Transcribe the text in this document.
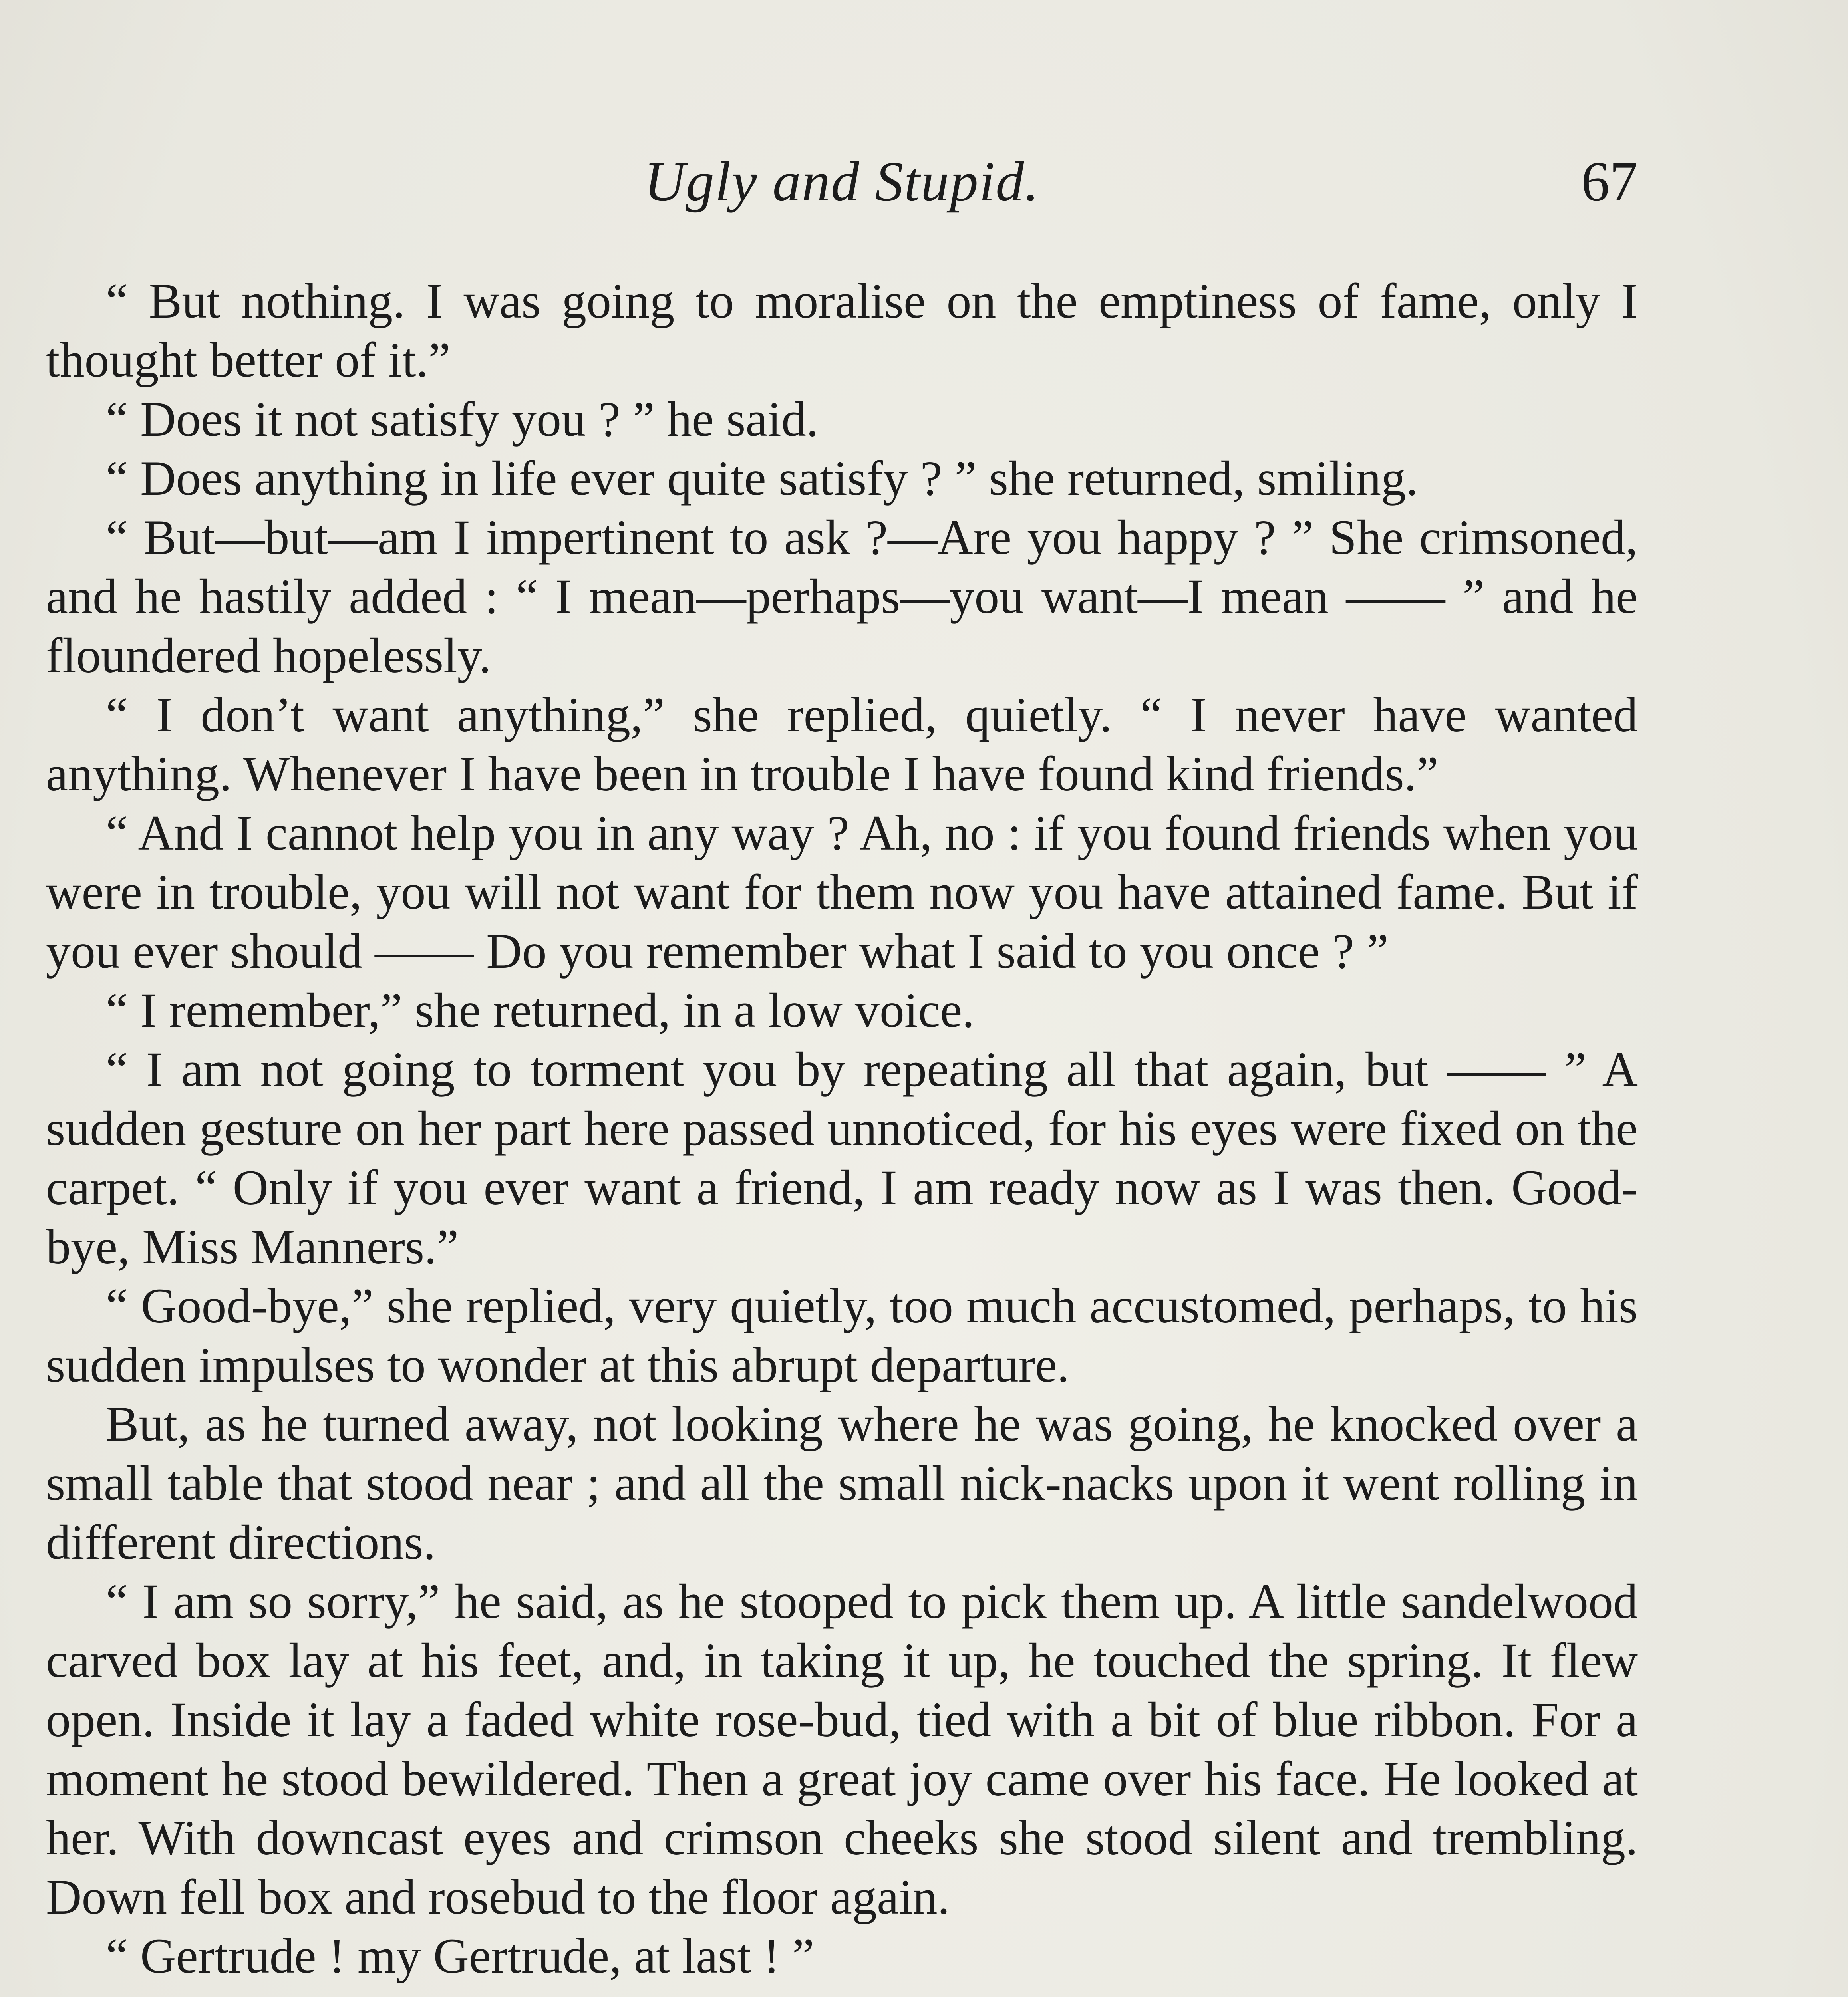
Ugly and Stupid.	67

“ But nothing. I was going to moralise on the emptiness of fame, only I thought better of it.”

“ Does it not satisfy you ? ” he said.

“ Does anything in life ever quite satisfy ? ” she returned, smiling.

“ But—but—am I impertinent to ask ?—Are you happy ? ” She crimsoned, and he hastily added : “ I mean—perhaps—you want—I mean —— ” and he floundered hopelessly.

“ I don’t want anything,” she replied, quietly. “ I never have wanted anything. Whenever I have been in trouble I have found kind friends.”

“ And I cannot help you in any way ? Ah, no : if you found friends when you were in trouble, you will not want for them now you have attained fame. But if you ever should —— Do you remember what I said to you once ? ”

“ I remember,” she returned, in a low voice.

“ I am not going to torment you by repeating all that again, but —— ” A sudden gesture on her part here passed unnoticed, for his eyes were fixed on the carpet. “ Only if you ever want a friend, I am ready now as I was then. Good-bye, Miss Manners.”

“ Good-bye,” she replied, very quietly, too much accustomed, perhaps, to his sudden impulses to wonder at this abrupt departure.

But, as he turned away, not looking where he was going, he knocked over a small table that stood near ; and all the small nick-nacks upon it went rolling in different directions.

“ I am so sorry,” he said, as he stooped to pick them up. A little sandelwood carved box lay at his feet, and, in taking it up, he touched the spring. It flew open. Inside it lay a faded white rose-bud, tied with a bit of blue ribbon. For a moment he stood bewildered. Then a great joy came over his face. He looked at her. With downcast eyes and crimson cheeks she stood silent and trembling. Down fell box and rosebud to the floor again.

“ Gertrude ! my Gertrude, at last ! ”
